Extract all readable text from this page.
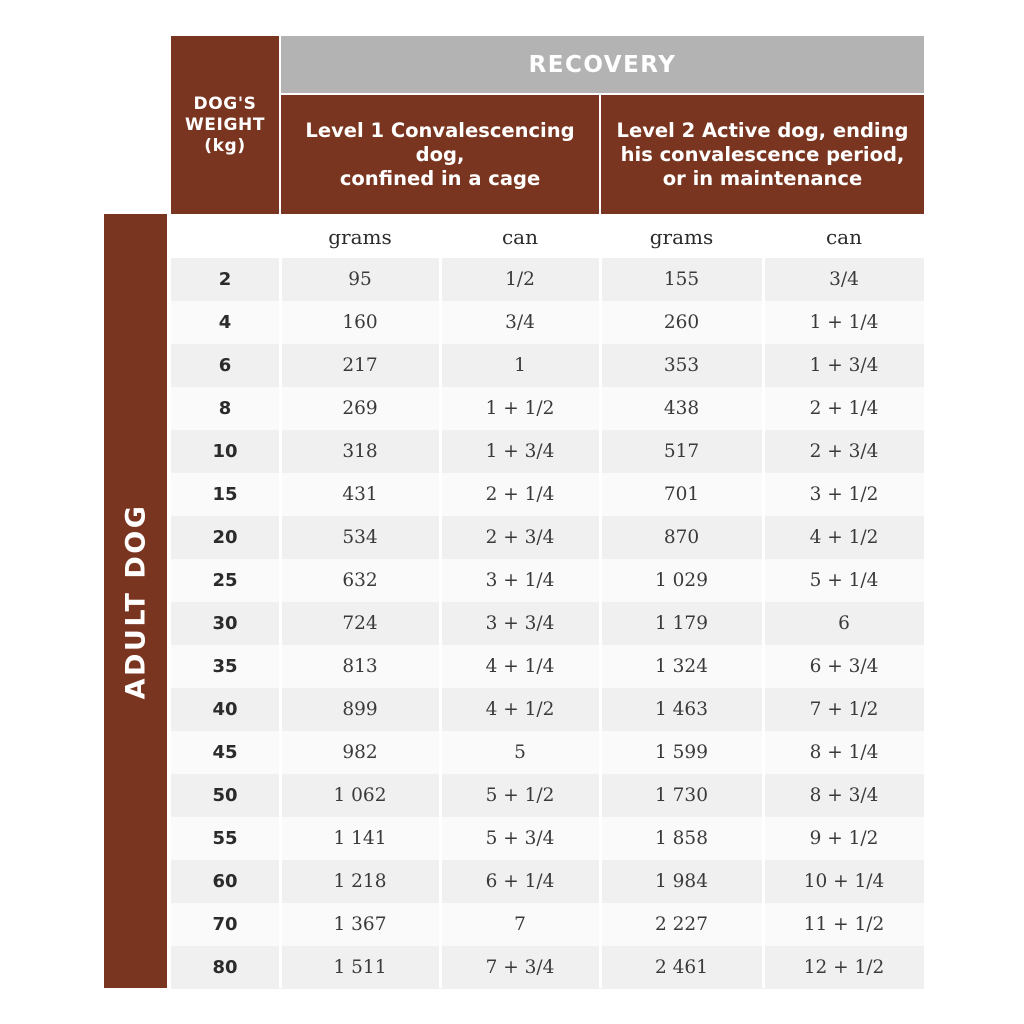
ADULT DOG
DOG'S
WEIGHT
(kg)
RECOVERY
Level 1 Convalescencing dog,
confined in a cage
Level 2 Active dog, ending
his convalescence period,
or in maintenance
grams	can	grams	can
2	95	1/2	155	3/4
4	160	3/4	260	1 + 1/4
6	217	1	353	1 + 3/4
8	269	1 + 1/2	438	2 + 1/4
10	318	1 + 3/4	517	2 + 3/4
15	431	2 + 1/4	701	3 + 1/2
20	534	2 + 3/4	870	4 + 1/2
25	632	3 + 1/4	1 029	5 + 1/4
30	724	3 + 3/4	1 179	6
35	813	4 + 1/4	1 324	6 + 3/4
40	899	4 + 1/2	1 463	7 + 1/2
45	982	5	1 599	8 + 1/4
50	1 062	5 + 1/2	1 730	8 + 3/4
55	1 141	5 + 3/4	1 858	9 + 1/2
60	1 218	6 + 1/4	1 984	10 + 1/4
70	1 367	7	2 227	11 + 1/2
80	1 511	7 + 3/4	2 461	12 + 1/2
